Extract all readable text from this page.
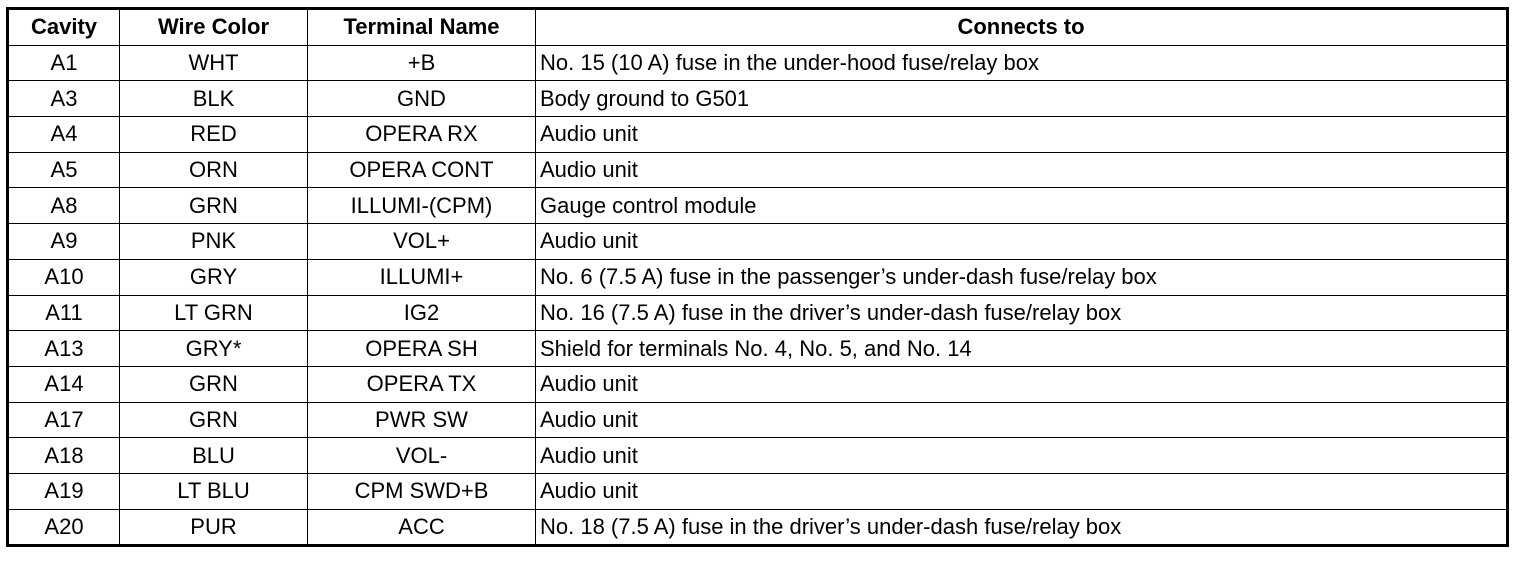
Cavity	Wire Color	Terminal Name	Connects to
A1	WHT	+B	No. 15 (10 A) fuse in the under-hood fuse/relay box
A3	BLK	GND	Body ground to G501
A4	RED	OPERA RX	Audio unit
A5	ORN	OPERA CONT	Audio unit
A8	GRN	ILLUMI-(CPM)	Gauge control module
A9	PNK	VOL+	Audio unit
A10	GRY	ILLUMI+	No. 6 (7.5 A) fuse in the passenger’s under-dash fuse/relay box
A11	LT GRN	IG2	No. 16 (7.5 A) fuse in the driver’s under-dash fuse/relay box
A13	GRY*	OPERA SH	Shield for terminals No. 4, No. 5, and No. 14
A14	GRN	OPERA TX	Audio unit
A17	GRN	PWR SW	Audio unit
A18	BLU	VOL-	Audio unit
A19	LT BLU	CPM SWD+B	Audio unit
A20	PUR	ACC	No. 18 (7.5 A) fuse in the driver’s under-dash fuse/relay box
